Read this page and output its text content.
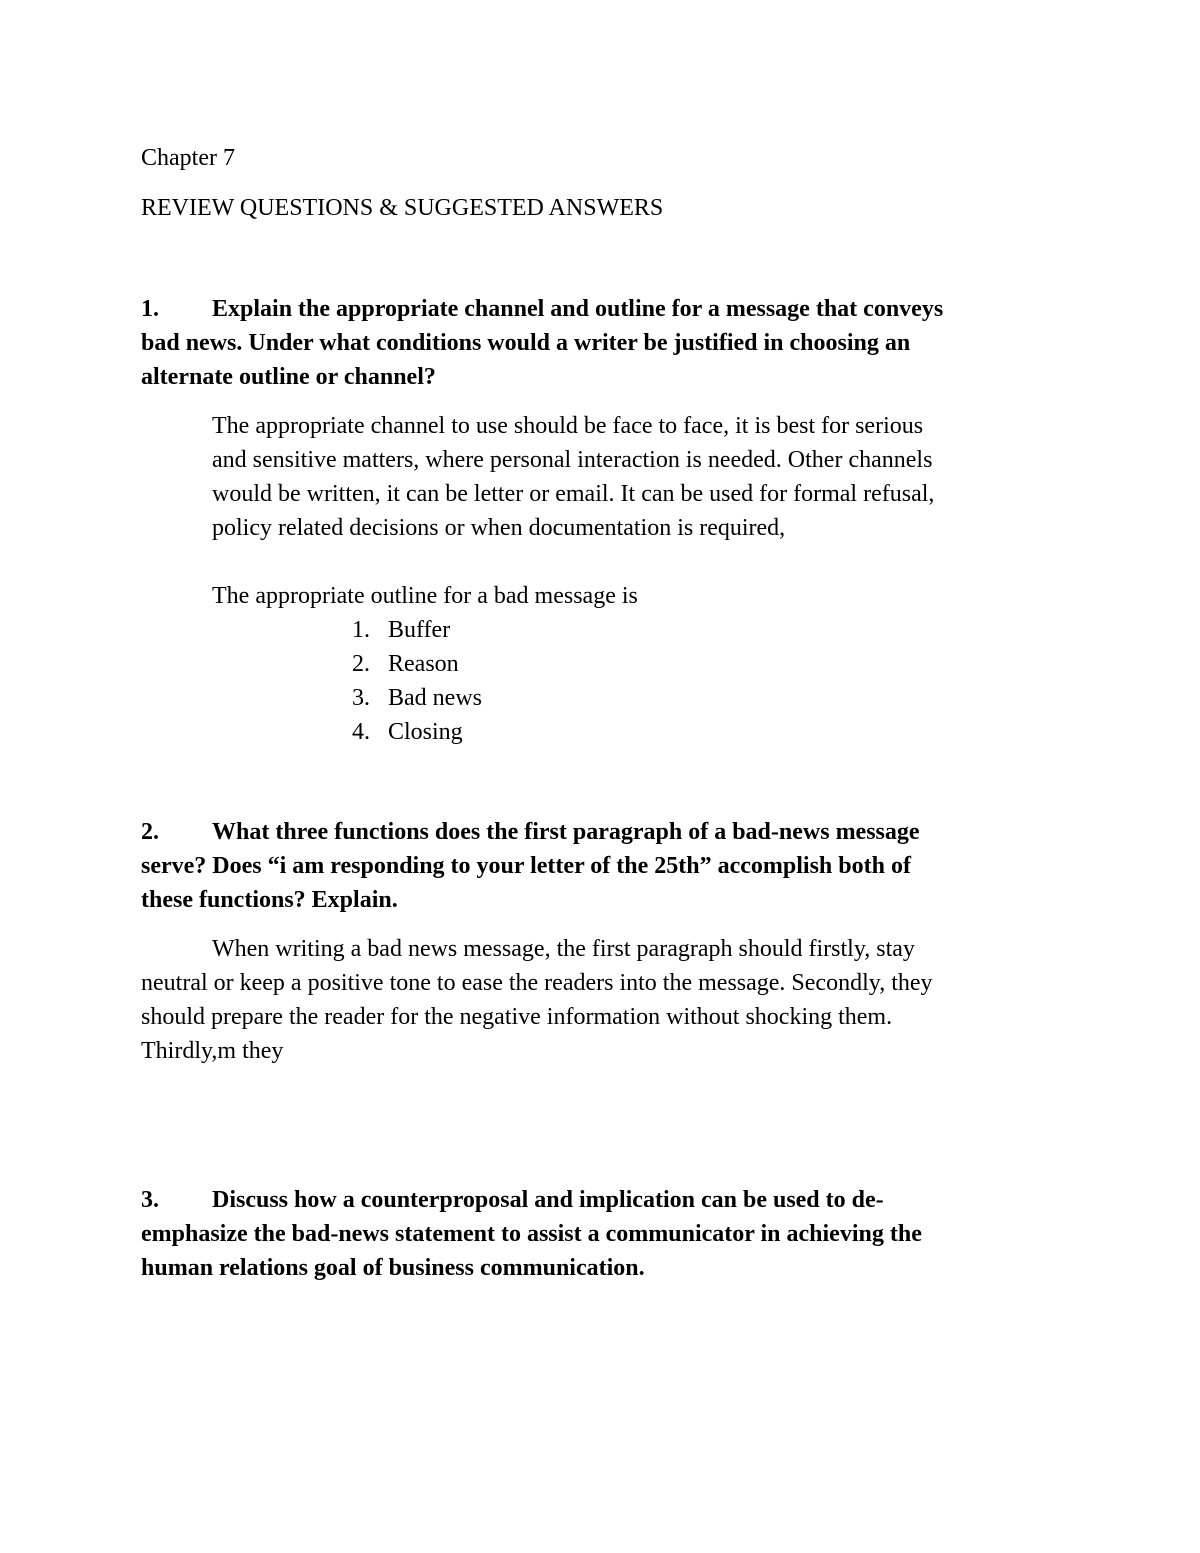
Chapter 7

REVIEW QUESTIONS & SUGGESTED ANSWERS

1. Explain the appropriate channel and outline for a message that conveys

bad news. Under what conditions would a writer be justified in choosing an

alternate outline or channel?

The appropriate channel to use should be face to face, it is best for serious

and sensitive matters, where personal interaction is needed. Other channels

would be written, it can be letter or email. It can be used for formal refusal,

policy related decisions or when documentation is required,

The appropriate outline for a bad message is

1. Buffer
2. Reason
3. Bad news
4. Closing

2. What three functions does the first paragraph of a bad-news message

serve? Does “i am responding to your letter of the 25th” accomplish both of

these functions? Explain.

When writing a bad news message, the first paragraph should firstly, stay

neutral or keep a positive tone to ease the readers into the message. Secondly, they

should prepare the reader for the negative information without shocking them.

Thirdly,m they

3. Discuss how a counterproposal and implication can be used to de-

emphasize the bad-news statement to assist a communicator in achieving the

human relations goal of business communication.
